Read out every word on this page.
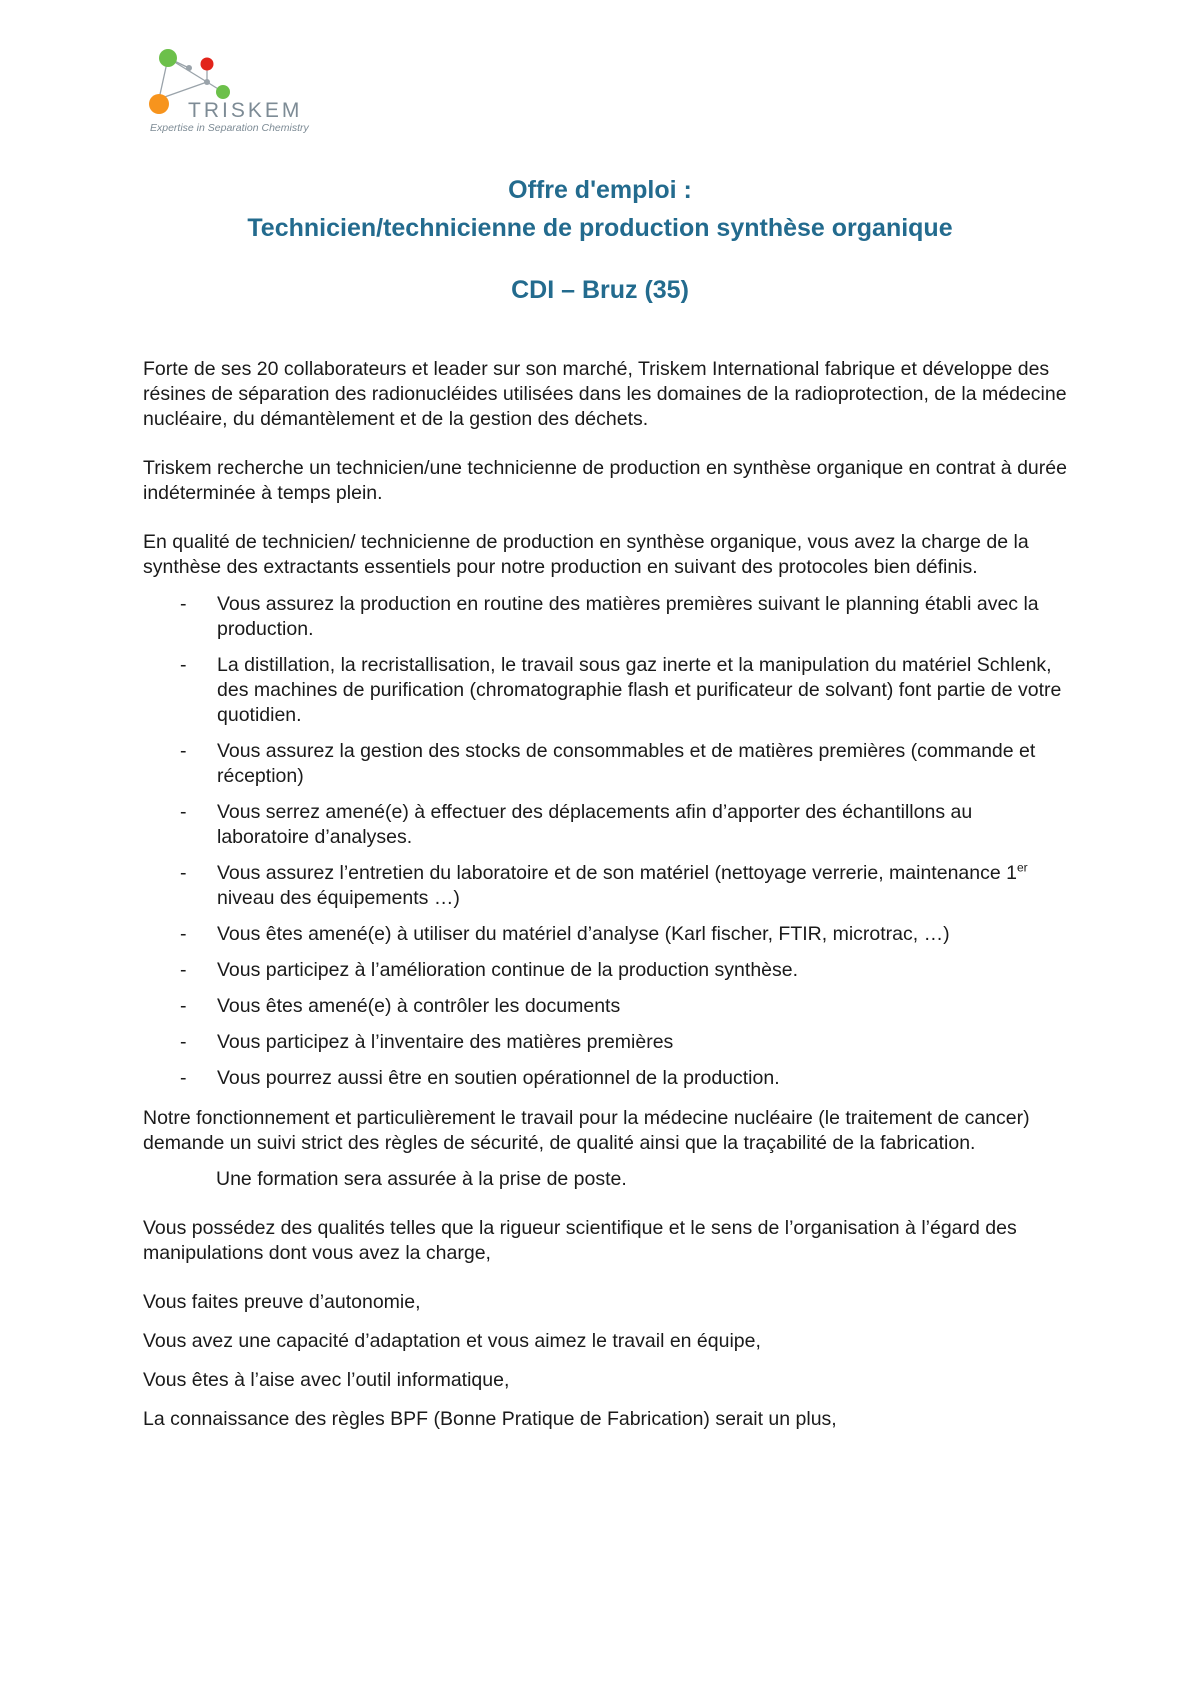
TRISKEM
Expertise in Separation Chemistry
Offre d'emploi :
Technicien/technicienne de production synthèse organique
CDI – Bruz (35)

Forte de ses 20 collaborateurs et leader sur son marché, Triskem International fabrique et développe des résines de séparation des radionucléides utilisées dans les domaines de la radioprotection, de la médecine nucléaire, du démantèlement et de la gestion des déchets.

Triskem recherche un technicien/une technicienne de production en synthèse organique en contrat à durée indéterminée à temps plein.

En qualité de technicien/ technicienne de production en synthèse organique, vous avez la charge de la synthèse des extractants essentiels pour notre production en suivant des protocoles bien définis.

- Vous assurez la production en routine des matières premières suivant le planning établi avec la production.
- La distillation, la recristallisation, le travail sous gaz inerte et la manipulation du matériel Schlenk, des machines de purification (chromatographie flash et purificateur de solvant) font partie de votre quotidien.
- Vous assurez la gestion des stocks de consommables et de matières premières (commande et réception)
- Vous serrez amené(e) à effectuer des déplacements afin d’apporter des échantillons au laboratoire d’analyses.
- Vous assurez l’entretien du laboratoire et de son matériel (nettoyage verrerie, maintenance 1er niveau des équipements …)
- Vous êtes amené(e) à utiliser du matériel d’analyse (Karl fischer, FTIR, microtrac, …)
- Vous participez à l’amélioration continue de la production synthèse.
- Vous êtes amené(e) à contrôler les documents
- Vous participez à l’inventaire des matières premières
- Vous pourrez aussi être en soutien opérationnel de la production.

Notre fonctionnement et particulièrement le travail pour la médecine nucléaire (le traitement de cancer) demande un suivi strict des règles de sécurité, de qualité ainsi que la traçabilité de la fabrication.

Une formation sera assurée à la prise de poste.

Vous possédez des qualités telles que la rigueur scientifique et le sens de l’organisation à l’égard des manipulations dont vous avez la charge,

Vous faites preuve d’autonomie,

Vous avez une capacité d’adaptation et vous aimez le travail en équipe,

Vous êtes à l’aise avec l’outil informatique,

La connaissance des règles BPF (Bonne Pratique de Fabrication) serait un plus,
